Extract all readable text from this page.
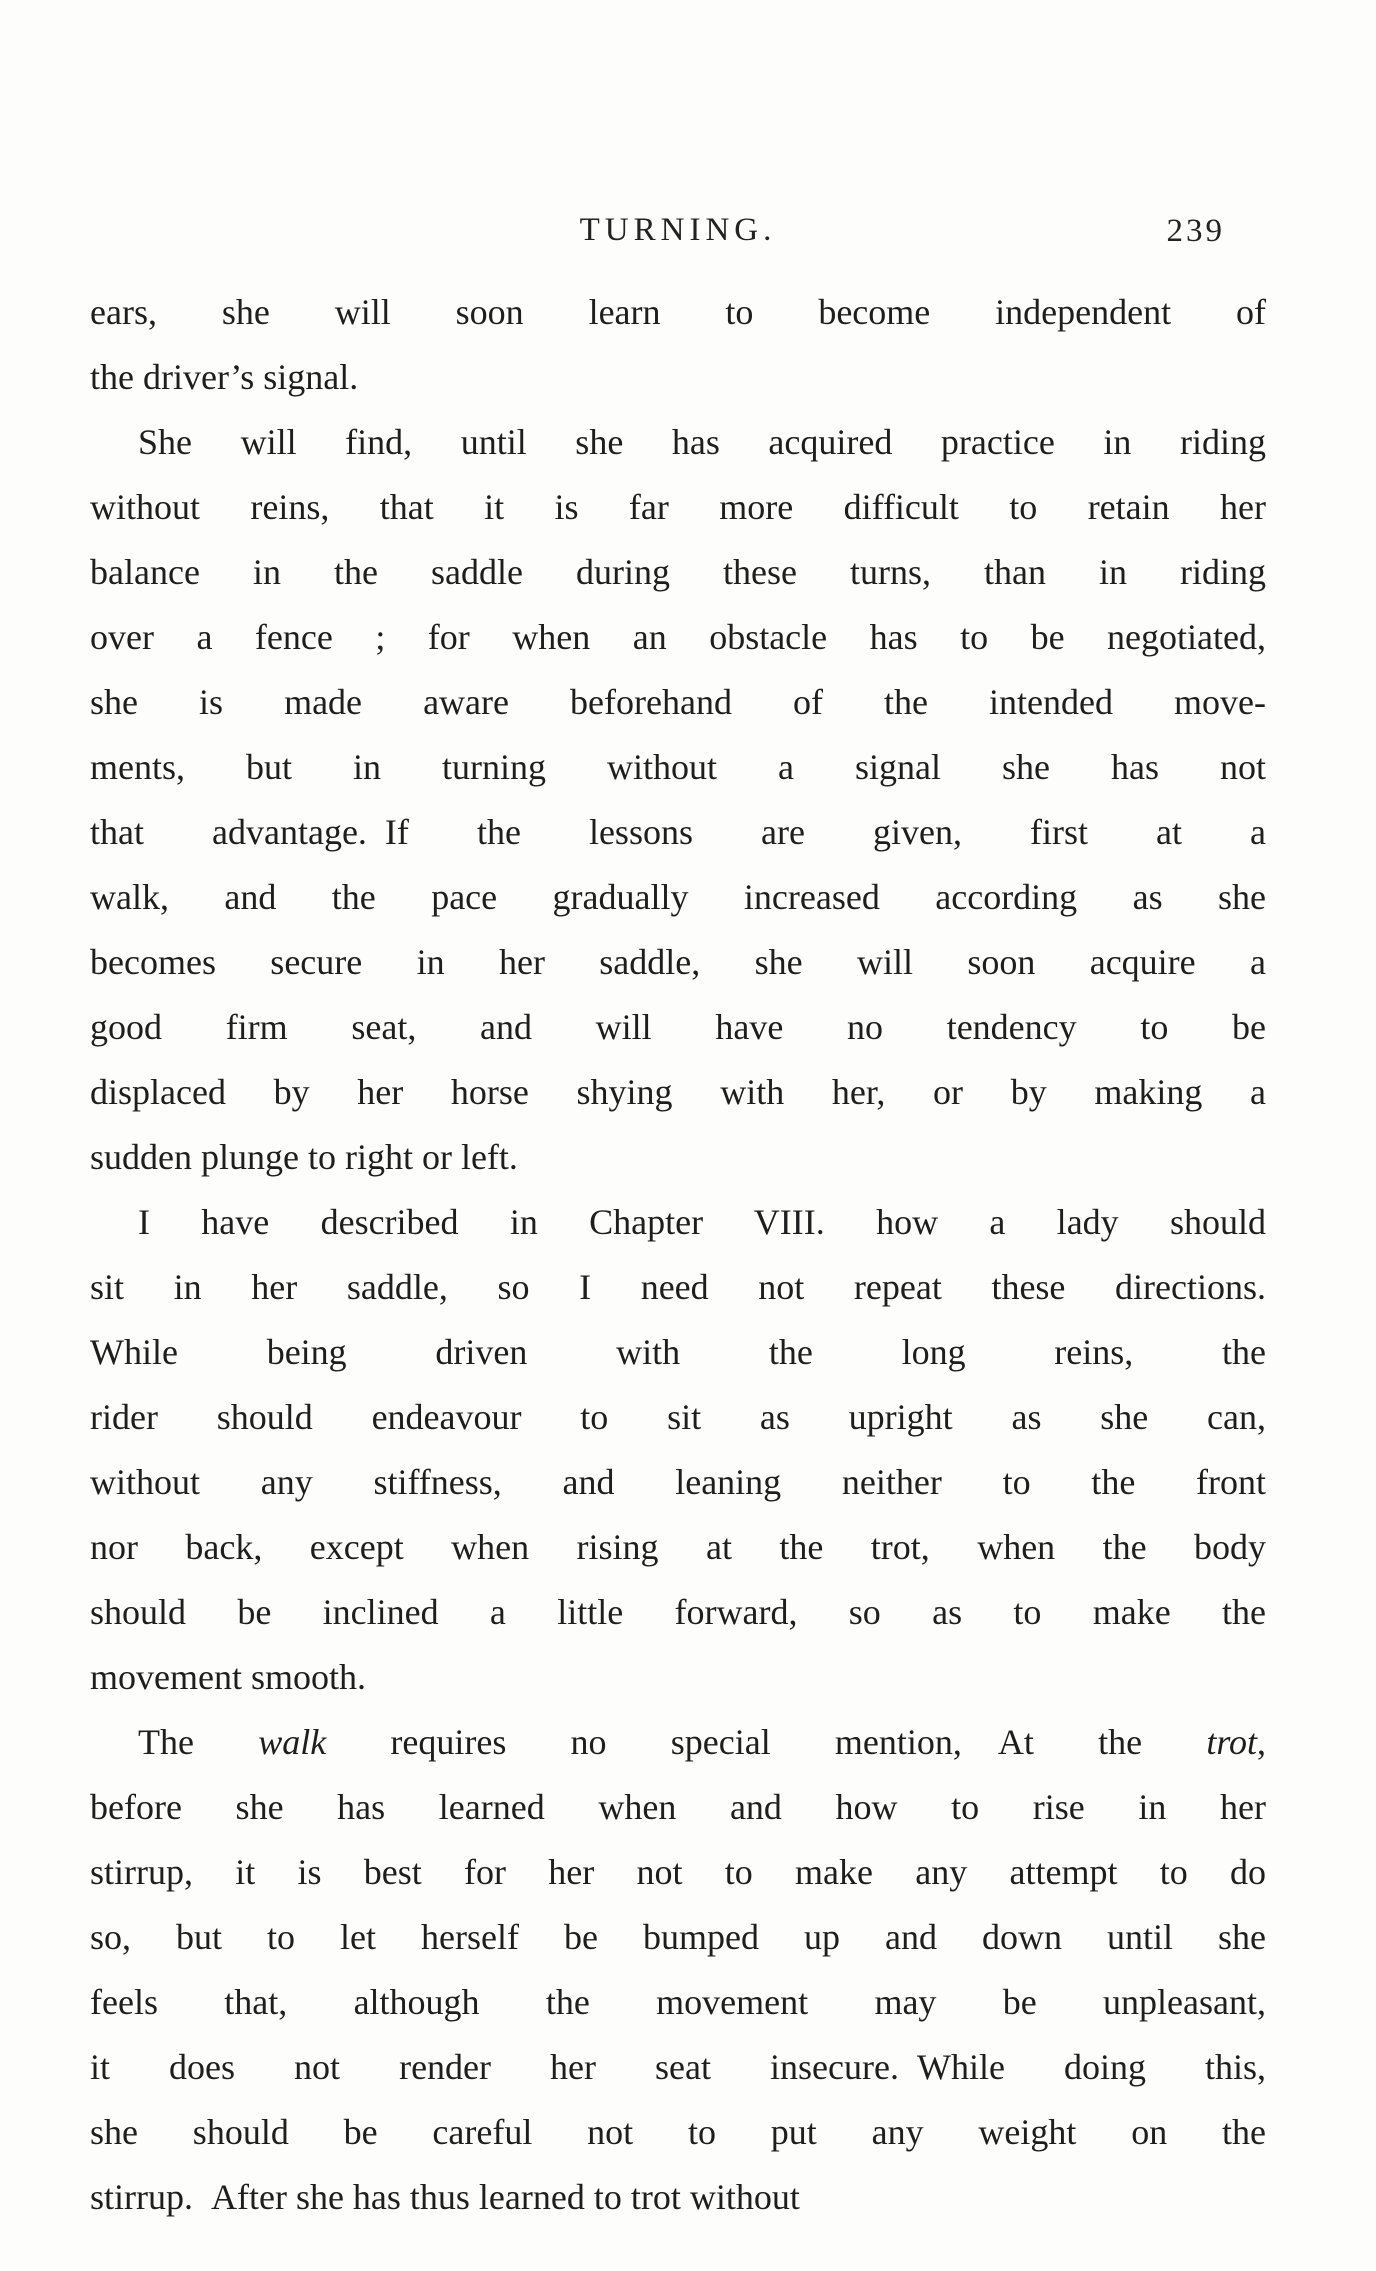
TURNING.	239
ears, she will soon learn to become independent of
the driver’s signal.
She will find, until she has acquired practice in riding
without reins, that it is far more difficult to retain her
balance in the saddle during these turns, than in riding
over a fence ; for when an obstacle has to be negotiated,
she is made aware beforehand of the intended move-
ments, but in turning without a signal she has not
that advantage. If the lessons are given, first at a
walk, and the pace gradually increased according as she
becomes secure in her saddle, she will soon acquire a
good firm seat, and will have no tendency to be
displaced by her horse shying with her, or by making a
sudden plunge to right or left.
I have described in Chapter VIII. how a lady should
sit in her saddle, so I need not repeat these directions.
While being driven with the long reins, the
rider should endeavour to sit as upright as she can,
without any stiffness, and leaning neither to the front
nor back, except when rising at the trot, when the body
should be inclined a little forward, so as to make the
movement smooth.
The walk requires no special mention,  At the trot,
before she has learned when and how to rise in her
stirrup, it is best for her not to make any attempt to do
so, but to let herself be bumped up and down until she
feels that, although the movement may be unpleasant,
it does not render her seat insecure. While doing this,
she should be careful not to put any weight on the
stirrup. After she has thus learned to trot without
